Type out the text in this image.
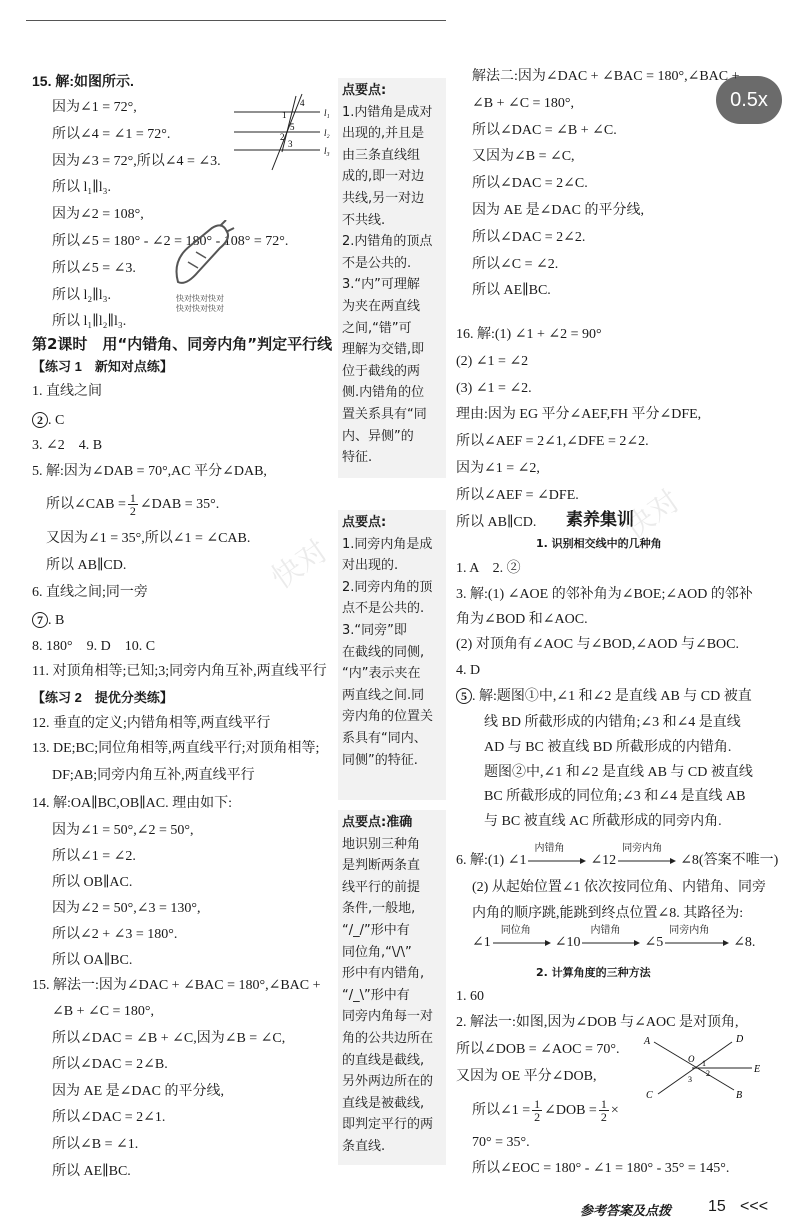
0.5x
15. 解:如图所示.
因为∠1 = 72°,
所以∠4 = ∠1 = 72°.
因为∠3 = 72°,所以∠4 = ∠3.
所以 l₁∥l₃.
因为∠2 = 108°,
所以∠5 = 180° - ∠2 = 180° - 108° = 72°.
所以∠5 = ∠3.
所以 l₂∥l₃.
所以 l₁∥l₂∥l₃.
l₁
l₂
l₃
4
1
5
3
2
快对快对快对
快对快对快对
第2课时　用“内错角、同旁内角”判定平行线
【练习 1　新知对点练】
1. 直线之间
2 . C
3. ∠2　4. B
5. 解:因为∠DAB = 70°,AC 平分∠DAB,
所以∠CAB = $\frac{1}{2}$ ∠DAB = 35°.
又因为∠1 = 35°,所以∠1 = ∠CAB.
所以 AB∥CD.
6. 直线之间;同一旁
7 . B
8. 180°　9. D　10. C
11. 对顶角相等;已知;3;同旁内角互补,两直线平行
【练习 2　提优分类练】
12. 垂直的定义;内错角相等,两直线平行
13. DE;BC;同位角相等,两直线平行;对顶角相等;
DF;AB;同旁内角互补,两直线平行
14. 解:OA∥BC,OB∥AC. 理由如下:
因为∠1 = 50°,∠2 = 50°,
所以∠1 = ∠2.
所以 OB∥AC.
因为∠2 = 50°,∠3 = 130°,
所以∠2 + ∠3 = 180°.
所以 OA∥BC.
15. 解法一:因为∠DAC + ∠BAC = 180°,∠BAC +
∠B + ∠C = 180°,
所以∠DAC = ∠B + ∠C,因为∠B = ∠C,
所以∠DAC = 2∠B.
因为 AE 是∠DAC 的平分线,
所以∠DAC = 2∠1.
所以∠B = ∠1.
所以 AE∥BC.
点要点:
1.内错角是成对
出现的,并且是
由三条直线组
成的,即一对边
共线,另一对边
不共线.
2.内错角的顶点
不是公共的.
3.“内”可理解
为夹在两直线
之间,“错”可
理解为交错,即
位于截线的两
侧.内错角的位
置关系具有“同
内、异侧”的
特征.
点要点:
1.同旁内角是成
对出现的.
2.同旁内角的顶
点不是公共的.
3.“同旁”即
在截线的同侧,
“内”表示夹在
两直线之间.同
旁内角的位置关
系具有“同内、
同侧”的特征.
点要点:准确
地识别三种角
是判断两条直
线平行的前提
条件,一般地,
“/_/”形中有
同位角,“\/\”
形中有内错角,
“/_\”形中有
同旁内角每一对
角的公共边所在
的直线是截线,
另外两边所在的
直线是被截线,
即判定平行的两
条直线.
解法二:因为∠DAC + ∠BAC = 180°,∠BAC +
∠B + ∠C = 180°,
所以∠DAC = ∠B + ∠C.
又因为∠B = ∠C,
所以∠DAC = 2∠C.
因为 AE 是∠DAC 的平分线,
所以∠DAC = 2∠2.
所以∠C = ∠2.
所以 AE∥BC.
16. 解:(1) ∠1 + ∠2 = 90°
(2) ∠1 = ∠2
(3) ∠1 = ∠2.
理由:因为 EG 平分∠AEF,FH 平分∠DFE,
所以∠AEF = 2∠1,∠DFE = 2∠2.
因为∠1 = ∠2,
所以∠AEF = ∠DFE.
所以 AB∥CD. 素养集训
1. 识别相交线中的几种角
1. A　2. ②
3. 解:(1) ∠AOE 的邻补角为∠BOE;∠AOD 的邻补
角为∠BOD 和∠AOC.
(2) 对顶角有∠AOC 与∠BOD,∠AOD 与∠BOC.
4. D
5 . 解:题图①中,∠1 和∠2 是直线 AB 与 CD 被直
线 BD 所截形成的内错角;∠3 和∠4 是直线
AD 与 BC 被直线 BD 所截形成的内错角.
题图②中,∠1 和∠2 是直线 AB 与 CD 被直线
BC 所截形成的同位角;∠3 和∠4 是直线 AB
与 BC 被直线 AC 所截形成的同旁内角.
6. 解:(1) ∠1
内错角
∠12
同旁内角
∠8(答案不唯一)
(2) 从起始位置∠1 依次按同位角、内错角、同旁
内角的顺序跳,能跳到终点位置∠8. 其路径为:
∠1
同位角
∠10
内错角
∠5
同旁内角
∠8.
2. 计算角度的三种方法
1. 60
2. 解法一:如图,因为∠DOB 与∠AOC 是对顶角,
所以∠DOB = ∠AOC = 70°.
又因为 OE 平分∠DOB,
所以∠1 = $\frac{1}{2}$ ∠DOB = $\frac{1}{2}$ ×
70° = 35°.
所以∠EOC = 180° - ∠1 = 180° - 35° = 145°.
A	D
E
C	B
O 1
2
3
快对
快对
参考答案及点拨 15 <<<
